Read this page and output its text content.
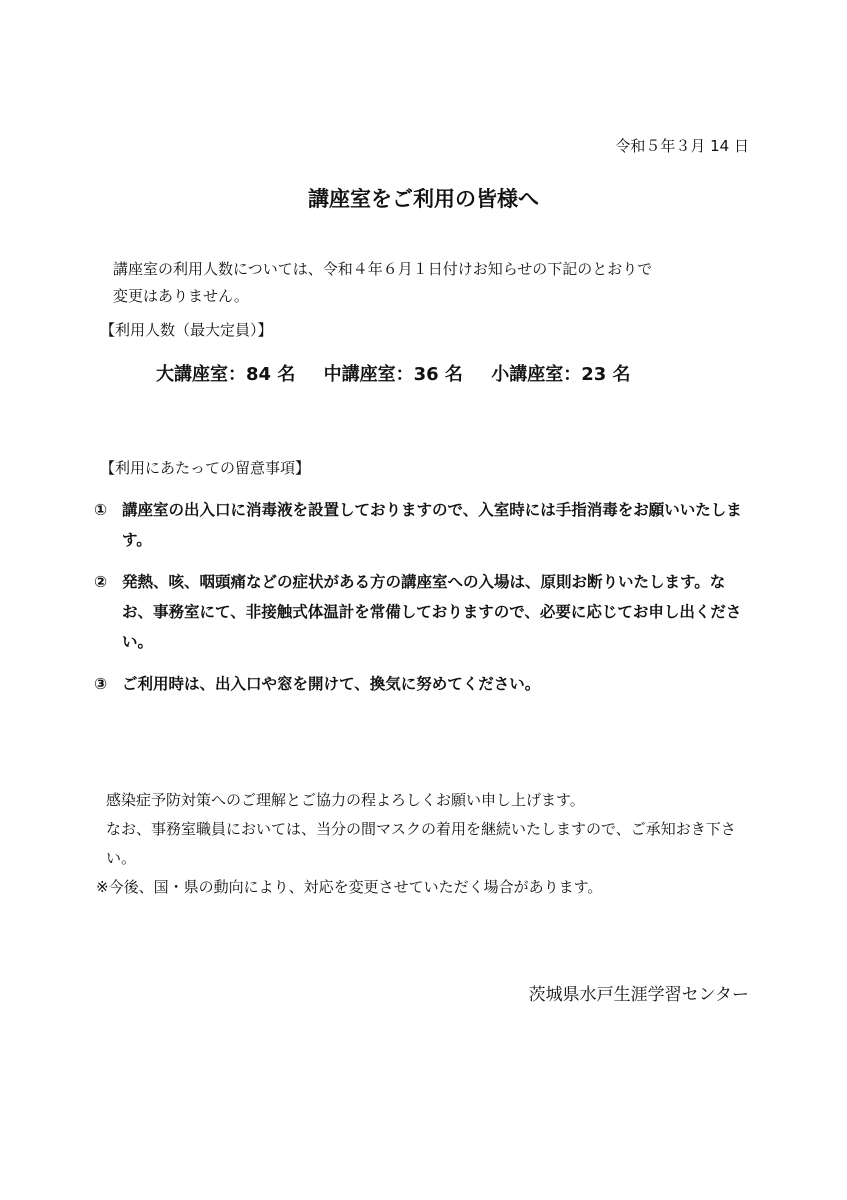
令和５年３月 14 日
講座室をご利用の皆様へ

講座室の利用人数については、令和４年６月１日付けお知らせの下記のとおりで

変更はありません。

【利用人数（最大定員）】
大講座室：84 名 中講座室：36 名 小講座室：23 名
【利用にあたっての留意事項】
① 講座室の出入口に消毒液を設置しておりますので、入室時には手指消毒をお願いいたします。
② 発熱、咳、咽頭痛などの症状がある方の講座室への入場は、原則お断りいたします。なお、事務室にて、非接触式体温計を常備しておりますので、必要に応じてお申し出ください。
③ ご利用時は、出入口や窓を開けて、換気に努めてください。

感染症予防対策へのご理解とご協力の程よろしくお願い申し上げます。

なお、事務室職員においては、当分の間マスクの着用を継続いたしますので、ご承知おき下さい。

※今後、国・県の動向により、対応を変更させていただく場合があります。

茨城県水戸生涯学習センター
